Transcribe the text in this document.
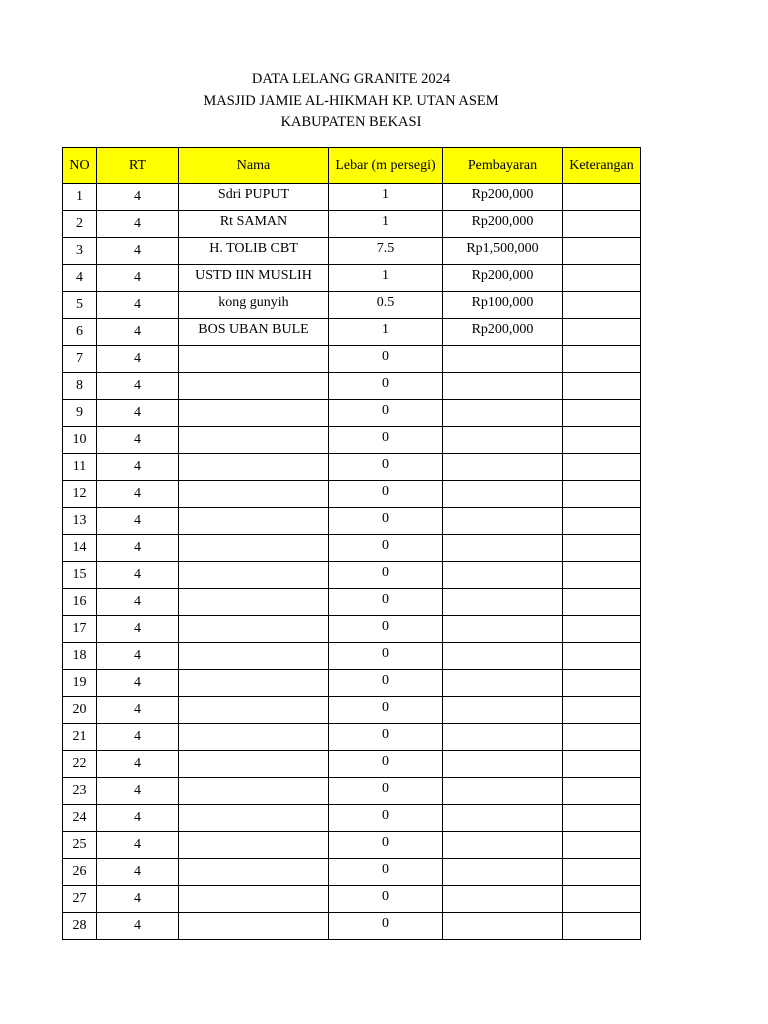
DATA LELANG GRANITE 2024
MASJID JAMIE AL-HIKMAH KP. UTAN ASEM
KABUPATEN BEKASI
NO	RT	Nama	Lebar (m persegi)	Pembayaran	Keterangan
1	4	Sdri PUPUT	1	Rp200,000	
2	4	Rt SAMAN	1	Rp200,000	
3	4	H. TOLIB CBT	7.5	Rp1,500,000	
4	4	USTD IIN MUSLIH	1	Rp200,000	
5	4	kong gunyih	0.5	Rp100,000	
6	4	BOS UBAN BULE	1	Rp200,000	
7	4		0		
8	4		0		
9	4		0		
10	4		0		
11	4		0		
12	4		0		
13	4		0		
14	4		0		
15	4		0		
16	4		0		
17	4		0		
18	4		0		
19	4		0		
20	4		0		
21	4		0		
22	4		0		
23	4		0		
24	4		0		
25	4		0		
26	4		0		
27	4		0		
28	4		0		
